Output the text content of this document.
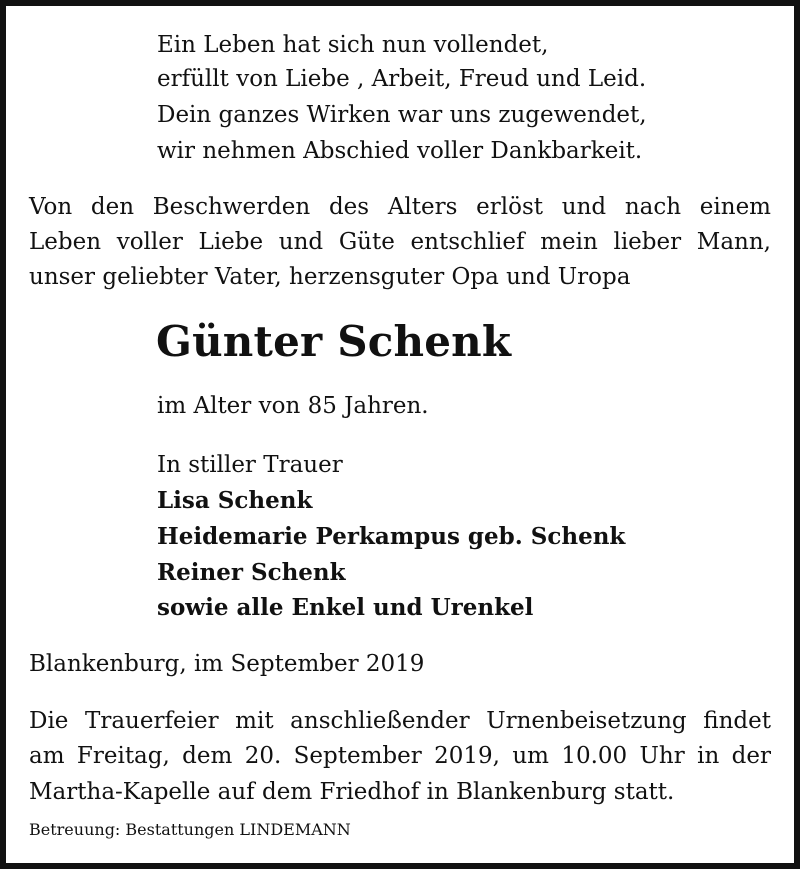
Ein Leben hat sich nun vollendet,
erfüllt von Liebe , Arbeit, Freud und Leid.
Dein ganzes Wirken war uns zugewendet,
wir nehmen Abschied voller Dankbarkeit.
Von den Beschwerden des Alters erlöst und nach einem
Leben voller Liebe und Güte entschlief mein lieber Mann,
unser geliebter Vater, herzensguter Opa und Uropa
Günter Schenk
im Alter von 85 Jahren.
In stiller Trauer
Lisa Schenk
Heidemarie Perkampus geb. Schenk
Reiner Schenk
sowie alle Enkel und Urenkel
Blankenburg, im September 2019
Die Trauerfeier mit anschließender Urnenbeisetzung findet
am Freitag, dem 20. September 2019, um 10.00 Uhr in der
Martha-Kapelle auf dem Friedhof in Blankenburg statt.
Betreuung: Bestattungen LINDEMANN
